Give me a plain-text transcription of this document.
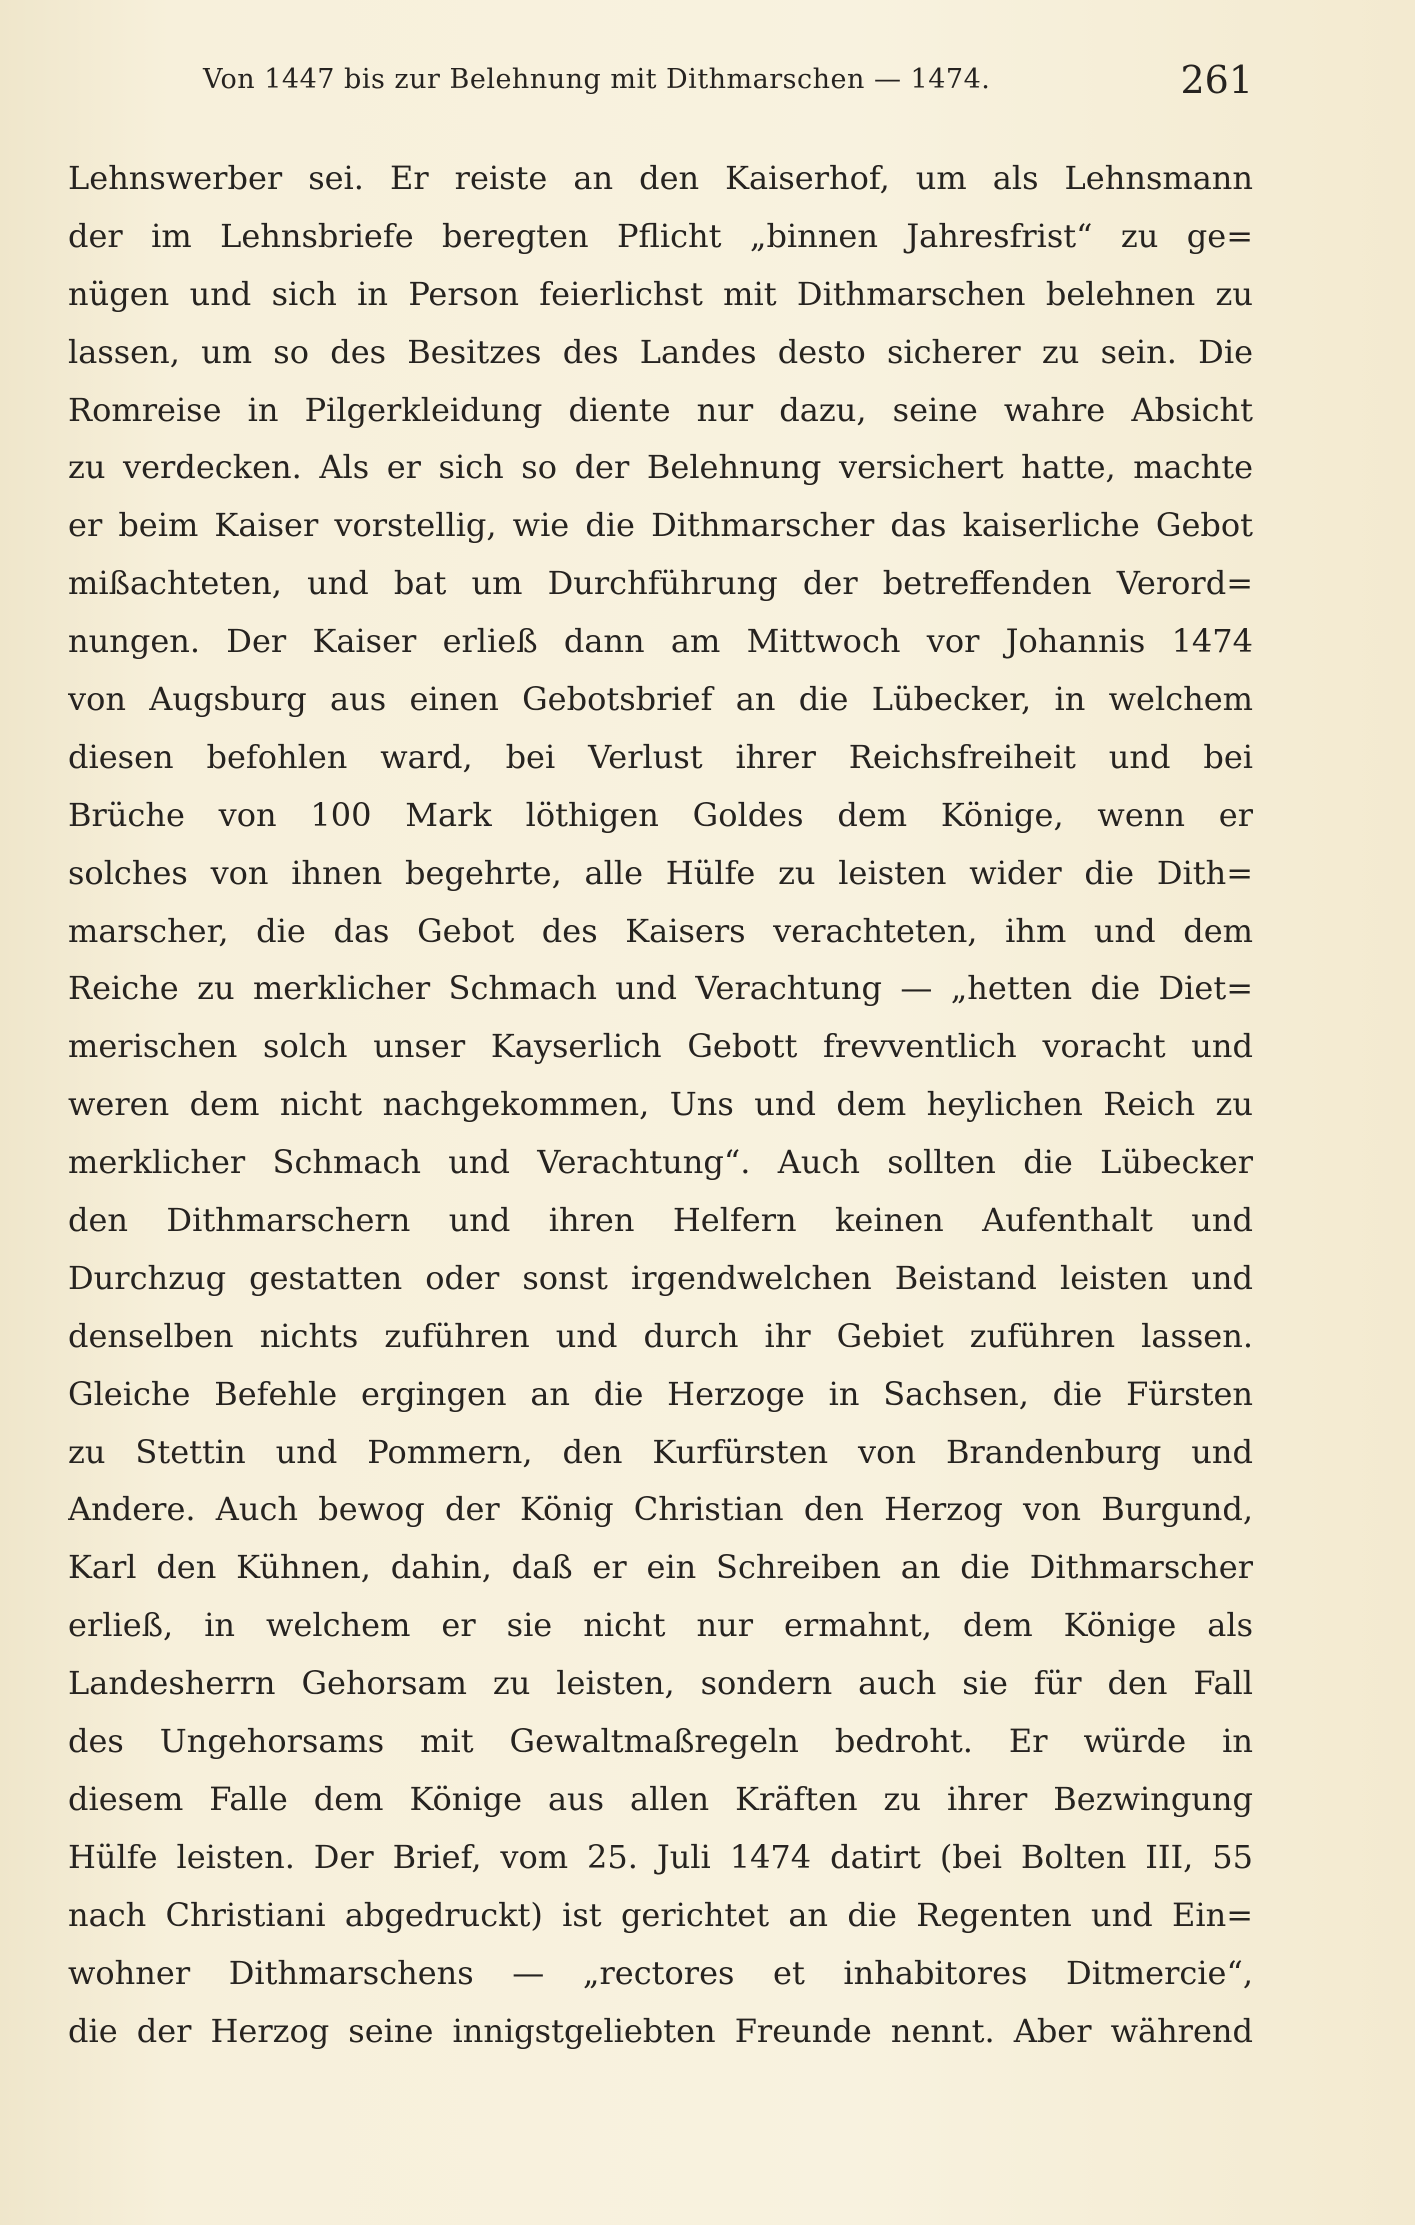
Von 1447 bis zur Belehnung mit Dithmarschen — 1474.	261
Lehnswerber sei. Er reiste an den Kaiserhof, um als Lehnsmann
der im Lehnsbriefe beregten Pflicht „binnen Jahresfrist“ zu ge=
nügen und sich in Person feierlichst mit Dithmarschen belehnen zu
lassen, um so des Besitzes des Landes desto sicherer zu sein. Die
Romreise in Pilgerkleidung diente nur dazu, seine wahre Absicht
zu verdecken. Als er sich so der Belehnung versichert hatte, machte
er beim Kaiser vorstellig, wie die Dithmarscher das kaiserliche Gebot
mißachteten, und bat um Durchführung der betreffenden Verord=
nungen. Der Kaiser erließ dann am Mittwoch vor Johannis 1474
von Augsburg aus einen Gebotsbrief an die Lübecker, in welchem
diesen befohlen ward, bei Verlust ihrer Reichsfreiheit und bei
Brüche von 100 Mark löthigen Goldes dem Könige, wenn er
solches von ihnen begehrte, alle Hülfe zu leisten wider die Dith=
marscher, die das Gebot des Kaisers verachteten, ihm und dem
Reiche zu merklicher Schmach und Verachtung — „hetten die Diet=
merischen solch unser Kayserlich Gebott frevventlich voracht und
weren dem nicht nachgekommen, Uns und dem heylichen Reich zu
merklicher Schmach und Verachtung“. Auch sollten die Lübecker
den Dithmarschern und ihren Helfern keinen Aufenthalt und
Durchzug gestatten oder sonst irgendwelchen Beistand leisten und
denselben nichts zuführen und durch ihr Gebiet zuführen lassen.
Gleiche Befehle ergingen an die Herzoge in Sachsen, die Fürsten
zu Stettin und Pommern, den Kurfürsten von Brandenburg und
Andere. Auch bewog der König Christian den Herzog von Burgund,
Karl den Kühnen, dahin, daß er ein Schreiben an die Dithmarscher
erließ, in welchem er sie nicht nur ermahnt, dem Könige als
Landesherrn Gehorsam zu leisten, sondern auch sie für den Fall
des Ungehorsams mit Gewaltmaßregeln bedroht. Er würde in
diesem Falle dem Könige aus allen Kräften zu ihrer Bezwingung
Hülfe leisten. Der Brief, vom 25. Juli 1474 datirt (bei Bolten III, 55
nach Christiani abgedruckt) ist gerichtet an die Regenten und Ein=
wohner Dithmarschens — „rectores et inhabitores Ditmercie“,
die der Herzog seine innigstgeliebten Freunde nennt. Aber während
